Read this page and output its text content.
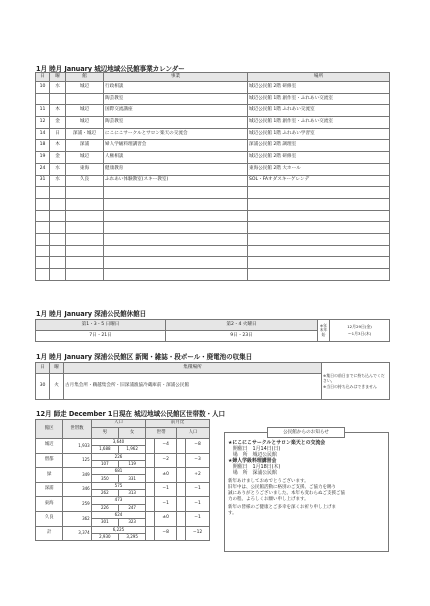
1月 睦月 January 城辺地域公民館事業カレンダー
日	曜	館	事業	場所
10	水	城辺	行政相談	城辺公民館 2階 研修室
			陶芸教室	城辺公民館 1階 創作室・ふれあい交流室
11	木	城辺	国際交流講座	城辺公民館 1階 ふれあい交流室
12	金	城辺	陶芸教室	城辺公民館 1階 創作室・ふれあい交流室
14	日	深浦・城辺	にこにこサークルとサロン楽天の交流会	城辺公民館 1階 ふれあい学習室
18	木	深浦	婦人学級料理講習会	深浦公民館 2階 調理室
19	金	城辺	人権相談	城辺公民館 2階 研修室
24	水	東海	健康教育	東海公民館 2階 大ホール
31	水	久良	ふれあい体験教室(スキー教室)	SOL・FAオダスキーゲレンデ

1月 睦月 January 深浦公民館休館日
第1・3・5 日曜日	第2・4 火曜日	※年末年始	12月29日(金)
〜1月3日(木)

7日・21日	9日・23日		
1月 睦月 January 深浦公民館区 新聞・雑誌・段ボール・廃電池の収集日
日	曜	集積場所	※集日の前日までに持ち込んでください。
※当日の持ち込みはできません

30	火	古月集会所・鵜越集会所・旧深浦漁協冷蔵庫前・深浦公民館	
12月 師走 December 1日現在 城辺地域公民館区世帯数・人口
館区	世帯数	人口		前月比			
		男	女	世帯		人口	
城辺	1,933	3,640			−4		−8
		1,688	1,962				
僧都	125	226			−2		−3
		107	119				
緑	349	681			±0		+2
		350	331				
深浦	346	575			−1		−1
		262	313				
東海	259	473			−1		−1
		226	247				
久良	362	624			±0		−1
		301	323				
計	3,374	6,225			−8		−12
		2,930	3,295				
公民館からのお知らせ
★にこにこサークルとサロン楽天との交流会
　開催日　1月14日(日)
　場　所　城辺公民館
★婦人学級料理講習会
　開催日　1月18日(木)
　場　所　深浦公民館
新年あけましておめでとうございます。
旧年中は、公民館活動に格別のご支援、ご協力を賜り
誠にありがとうございました。本年も変わらぬご支援ご協
力の程、よろしくお願い申し上げます。
新年の皆様のご健康とご多幸を深くお祈り申し上げま
す。
